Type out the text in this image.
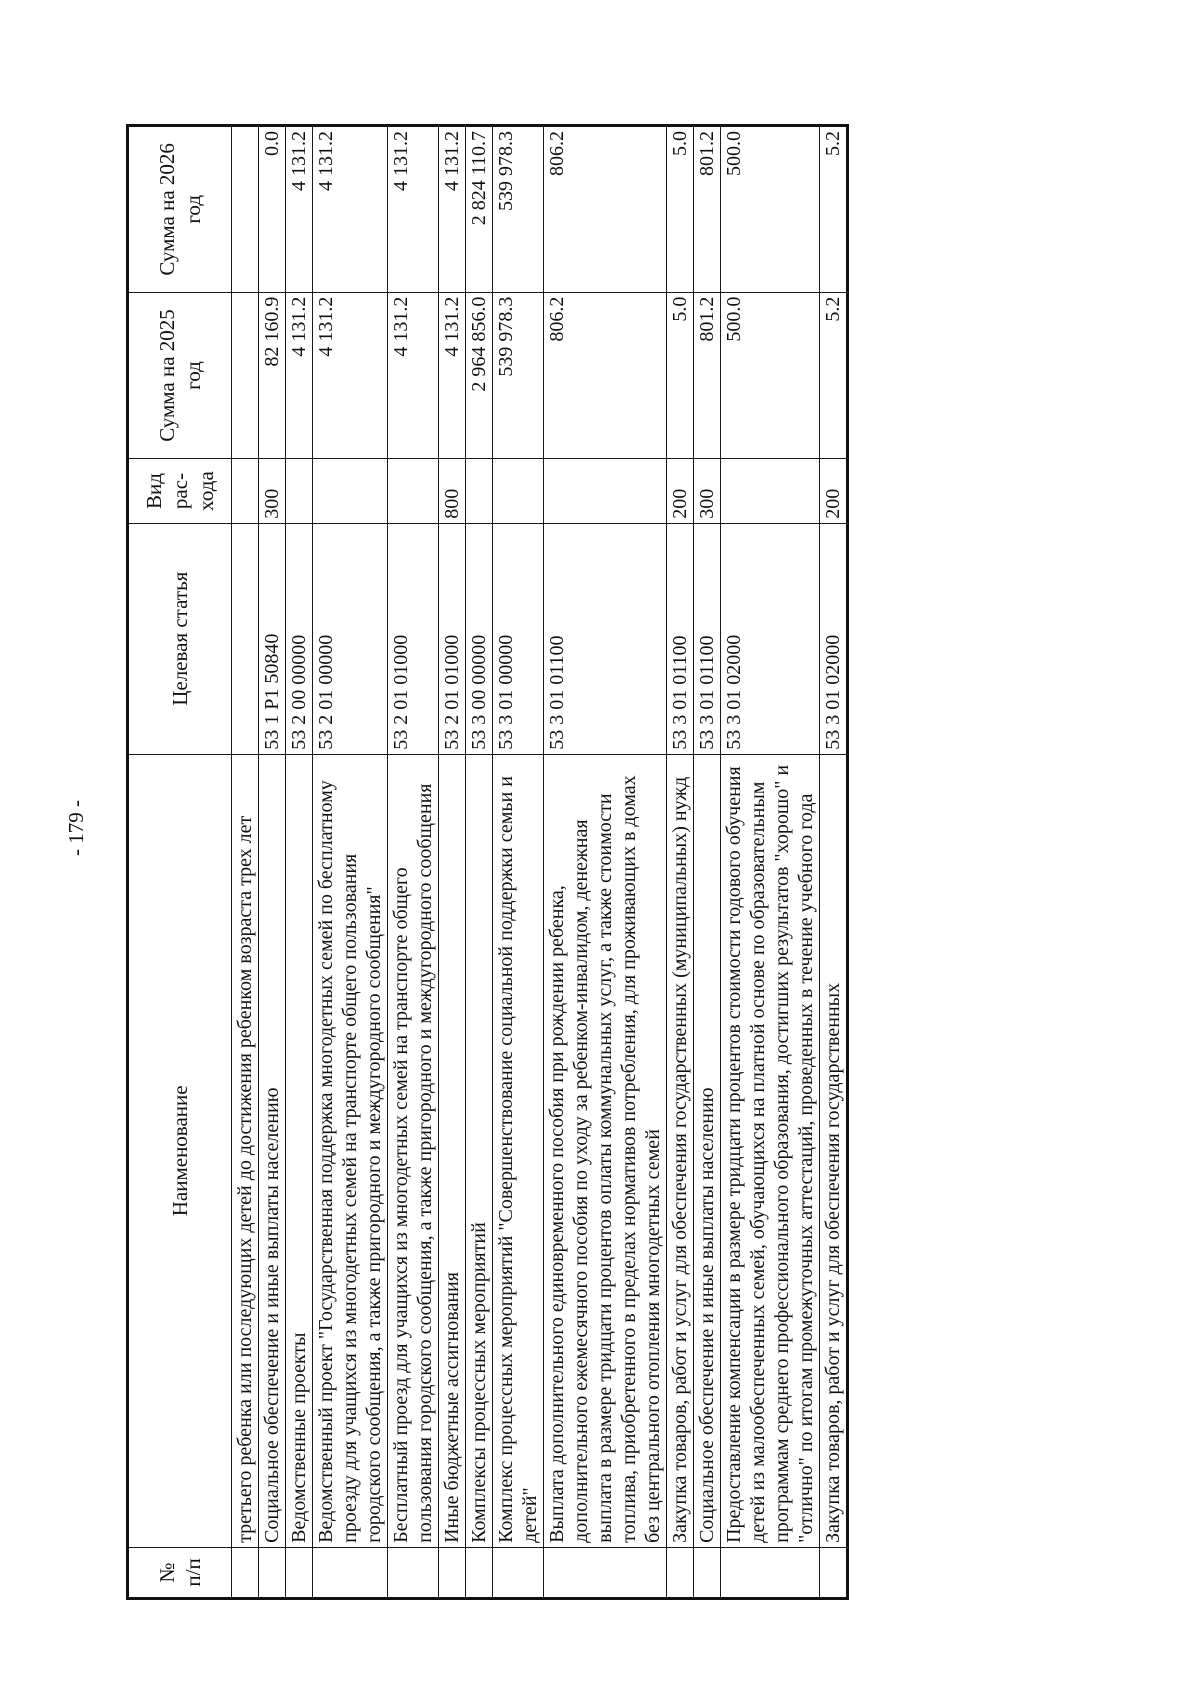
- 179 -
№ п/п	Наименование	Целевая статья	Вид рас-хода	Сумма на 2025 год	Сумма на 2026 год
	третьего ребенка или последующих детей до достижения ребенком возраста трех лет				
	Социальное обеспечение и иные выплаты населению	53 1 P1 50840	300	82 160.9	0.0
	Ведомственные проекты	53 2 00 00000		4 131.2	4 131.2
	Ведомственный проект "Государственная поддержка многодетных семей по бесплатному проезду для учащихся из многодетных семей на транспорте общего пользования городского сообщения, а также пригородного и междугородного сообщения"	53 2 01 00000		4 131.2	4 131.2
	Бесплатный проезд для учащихся из многодетных семей на транспорте общего пользования городского сообщения, а также пригородного и междугородного сообщения	53 2 01 01000		4 131.2	4 131.2
	Иные бюджетные ассигнования	53 2 01 01000	800	4 131.2	4 131.2
	Комплексы процессных мероприятий	53 3 00 00000		2 964 856.0	2 824 110.7
	Комплекс процессных мероприятий "Совершенствование социальной поддержки семьи и детей"	53 3 01 00000		539 978.3	539 978.3
	Выплата дополнительного единовременного пособия при рождении ребенка, дополнительного ежемесячного пособия по уходу за ребенком-инвалидом, денежная выплата в размере тридцати процентов оплаты коммунальных услуг, а также стоимости топлива, приобретенного в пределах нормативов потребления, для проживающих в домах без центрального отопления многодетных семей	53 3 01 01100		806.2	806.2
	Закупка товаров, работ и услуг для обеспечения государственных (муниципальных) нужд	53 3 01 01100	200	5.0	5.0
	Социальное обеспечение и иные выплаты населению	53 3 01 01100	300	801.2	801.2
	Предоставление компенсации в размере тридцати процентов стоимости годового обучения детей из малообеспеченных семей, обучающихся на платной основе по образовательным программам среднего профессионального образования, достигших результатов "хорошо" и "отлично" по итогам промежуточных аттестаций, проведенных в течение учебного года	53 3 01 02000		500.0	500.0
	Закупка товаров, работ и услуг для обеспечения государственных	53 3 01 02000	200	5.2	5.2
